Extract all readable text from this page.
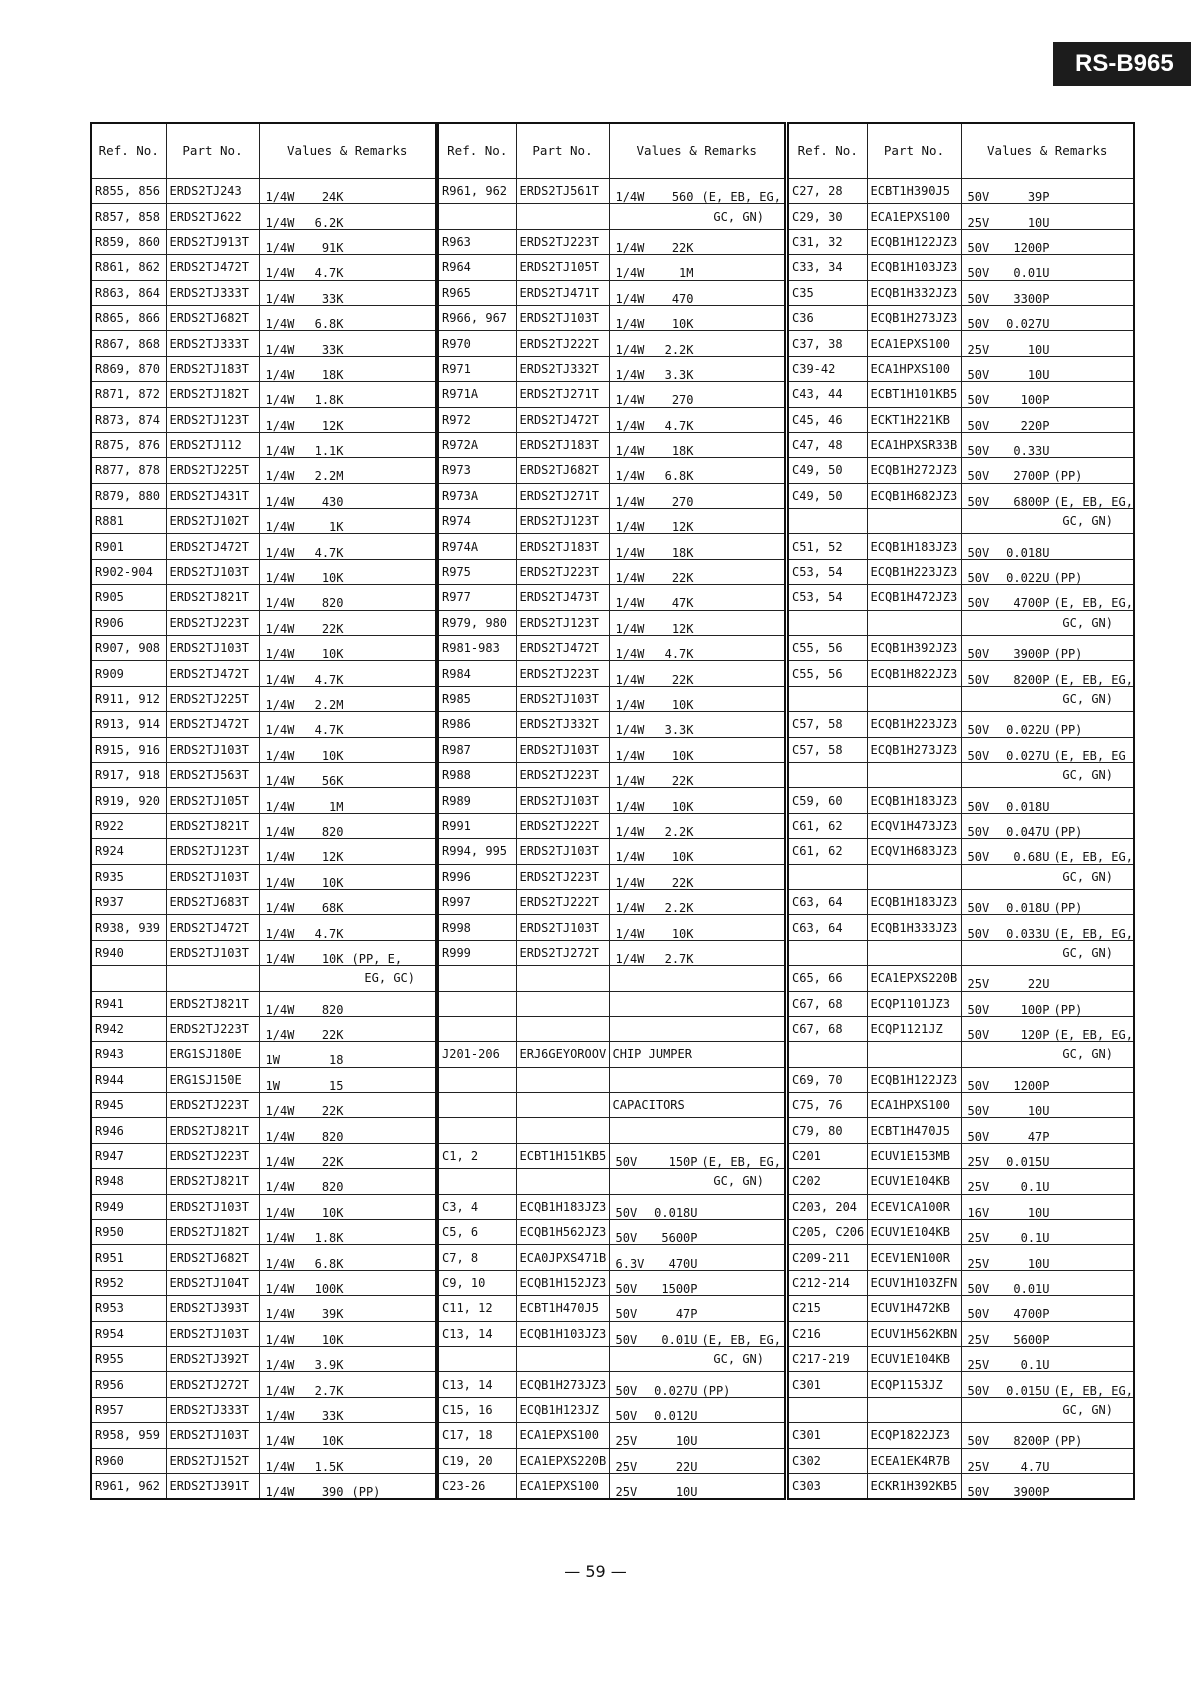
RS-B965
Ref. No.	Part No.	Values & Remarks
R855, 856	ERDS2TJ243	1/4W 24K

R857, 858	ERDS2TJ622	1/4W 6.2K

R859, 860	ERDS2TJ913T	1/4W 91K

R861, 862	ERDS2TJ472T	1/4W 4.7K

R863, 864	ERDS2TJ333T	1/4W 33K

R865, 866	ERDS2TJ682T	1/4W 6.8K

R867, 868	ERDS2TJ333T	1/4W 33K

R869, 870	ERDS2TJ183T	1/4W 18K

R871, 872	ERDS2TJ182T	1/4W 1.8K

R873, 874	ERDS2TJ123T	1/4W 12K

R875, 876	ERDS2TJ112	1/4W 1.1K

R877, 878	ERDS2TJ225T	1/4W 2.2M

R879, 880	ERDS2TJ431T	1/4W 430

R881	ERDS2TJ102T	1/4W 1K

R901	ERDS2TJ472T	1/4W 4.7K

R902-904	ERDS2TJ103T	1/4W 10K

R905	ERDS2TJ821T	1/4W 820

R906	ERDS2TJ223T	1/4W 22K

R907, 908	ERDS2TJ103T	1/4W 10K

R909	ERDS2TJ472T	1/4W 4.7K

R911, 912	ERDS2TJ225T	1/4W 2.2M

R913, 914	ERDS2TJ472T	1/4W 4.7K

R915, 916	ERDS2TJ103T	1/4W 10K

R917, 918	ERDS2TJ563T	1/4W 56K

R919, 920	ERDS2TJ105T	1/4W 1M

R922	ERDS2TJ821T	1/4W 820

R924	ERDS2TJ123T	1/4W 12K

R935	ERDS2TJ103T	1/4W 10K

R937	ERDS2TJ683T	1/4W 68K

R938, 939	ERDS2TJ472T	1/4W 4.7K

R940	ERDS2TJ103T	1/4W 10K (PP, E,

		EG, GC)
R941	ERDS2TJ821T	1/4W 820

R942	ERDS2TJ223T	1/4W 22K

R943	ERG1SJ180E	1W 18

R944	ERG1SJ150E	1W 15

R945	ERDS2TJ223T	1/4W 22K

R946	ERDS2TJ821T	1/4W 820

R947	ERDS2TJ223T	1/4W 22K

R948	ERDS2TJ821T	1/4W 820

R949	ERDS2TJ103T	1/4W 10K

R950	ERDS2TJ182T	1/4W 1.8K

R951	ERDS2TJ682T	1/4W 6.8K

R952	ERDS2TJ104T	1/4W 100K

R953	ERDS2TJ393T	1/4W 39K

R954	ERDS2TJ103T	1/4W 10K

R955	ERDS2TJ392T	1/4W 3.9K

R956	ERDS2TJ272T	1/4W 2.7K

R957	ERDS2TJ333T	1/4W 33K

R958, 959	ERDS2TJ103T	1/4W 10K

R960	ERDS2TJ152T	1/4W 1.5K

R961, 962	ERDS2TJ391T	1/4W 390 (PP)
Ref. No.	Part No.	Values & Remarks
R961, 962	ERDS2TJ561T	1/4W 560 (E, EB, EG,

		GC, GN)
R963	ERDS2TJ223T	1/4W 22K

R964	ERDS2TJ105T	1/4W 1M

R965	ERDS2TJ471T	1/4W 470

R966, 967	ERDS2TJ103T	1/4W 10K

R970	ERDS2TJ222T	1/4W 2.2K

R971	ERDS2TJ332T	1/4W 3.3K

R971A	ERDS2TJ271T	1/4W 270

R972	ERDS2TJ472T	1/4W 4.7K

R972A	ERDS2TJ183T	1/4W 18K

R973	ERDS2TJ682T	1/4W 6.8K

R973A	ERDS2TJ271T	1/4W 270

R974	ERDS2TJ123T	1/4W 12K

R974A	ERDS2TJ183T	1/4W 18K

R975	ERDS2TJ223T	1/4W 22K

R977	ERDS2TJ473T	1/4W 47K

R979, 980	ERDS2TJ123T	1/4W 12K

R981-983	ERDS2TJ472T	1/4W 4.7K

R984	ERDS2TJ223T	1/4W 22K

R985	ERDS2TJ103T	1/4W 10K

R986	ERDS2TJ332T	1/4W 3.3K

R987	ERDS2TJ103T	1/4W 10K

R988	ERDS2TJ223T	1/4W 22K

R989	ERDS2TJ103T	1/4W 10K

R991	ERDS2TJ222T	1/4W 2.2K

R994, 995	ERDS2TJ103T	1/4W 10K

R996	ERDS2TJ223T	1/4W 22K

R997	ERDS2TJ222T	1/4W 2.2K

R998	ERDS2TJ103T	1/4W 10K

R999	ERDS2TJ272T	1/4W 2.7K

J201-206	ERJ6GEYOROOV	CHIP JUMPER

		CAPACITORS

C1, 2	ECBT1H151KB5	50V 150P (E, EB, EG,

		GC, GN)
C3, 4	ECQB1H183JZ3	50V 0.018U

C5, 6	ECQB1H562JZ3	50V 5600P

C7, 8	ECA0JPXS471B	6.3V 470U

C9, 10	ECQB1H152JZ3	50V 1500P

C11, 12	ECBT1H470J5	50V 47P

C13, 14	ECQB1H103JZ3	50V 0.01U (E, EB, EG,

		GC, GN)
C13, 14	ECQB1H273JZ3	50V 0.027U (PP)

C15, 16	ECQB1H123JZ	50V 0.012U

C17, 18	ECA1EPXS100	25V 10U

C19, 20	ECA1EPXS220B	25V 22U

C23-26	ECA1EPXS100	25V 10U
Ref. No.	Part No.	Values & Remarks
C27, 28	ECBT1H390J5	50V 39P

C29, 30	ECA1EPXS100	25V 10U

C31, 32	ECQB1H122JZ3	50V 1200P

C33, 34	ECQB1H103JZ3	50V 0.01U

C35	ECQB1H332JZ3	50V 3300P

C36	ECQB1H273JZ3	50V 0.027U

C37, 38	ECA1EPXS100	25V 10U

C39-42	ECA1HPXS100	50V 10U

C43, 44	ECBT1H101KB5	50V 100P

C45, 46	ECKT1H221KB	50V 220P

C47, 48	ECA1HPXSR33B	50V 0.33U

C49, 50	ECQB1H272JZ3	50V 2700P (PP)

C49, 50	ECQB1H682JZ3	50V 6800P (E, EB, EG,

		GC, GN)
C51, 52	ECQB1H183JZ3	50V 0.018U

C53, 54	ECQB1H223JZ3	50V 0.022U (PP)

C53, 54	ECQB1H472JZ3	50V 4700P (E, EB, EG,

		GC, GN)
C55, 56	ECQB1H392JZ3	50V 3900P (PP)

C55, 56	ECQB1H822JZ3	50V 8200P (E, EB, EG,

		GC, GN)
C57, 58	ECQB1H223JZ3	50V 0.022U (PP)

C57, 58	ECQB1H273JZ3	50V 0.027U (E, EB, EG

		GC, GN)
C59, 60	ECQB1H183JZ3	50V 0.018U

C61, 62	ECQV1H473JZ3	50V 0.047U (PP)

C61, 62	ECQV1H683JZ3	50V 0.68U (E, EB, EG,

		GC, GN)
C63, 64	ECQB1H183JZ3	50V 0.018U (PP)

C63, 64	ECQB1H333JZ3	50V 0.033U (E, EB, EG,

		GC, GN)
C65, 66	ECA1EPXS220B	25V 22U

C67, 68	ECQP1101JZ3	50V 100P (PP)

C67, 68	ECQP1121JZ	50V 120P (E, EB, EG,

		GC, GN)
C69, 70	ECQB1H122JZ3	50V 1200P

C75, 76	ECA1HPXS100	50V 10U

C79, 80	ECBT1H470J5	50V 47P

C201	ECUV1E153MB	25V 0.015U

C202	ECUV1E104KB	25V 0.1U

C203, 204	ECEV1CA100R	16V 10U

C205, C206	ECUV1E104KB	25V 0.1U

C209-211	ECEV1EN100R	25V 10U

C212-214	ECUV1H103ZFN	50V 0.01U

C215	ECUV1H472KB	50V 4700P

C216	ECUV1H562KBN	25V 5600P

C217-219	ECUV1E104KB	25V 0.1U

C301	ECQP1153JZ	50V 0.015U (E, EB, EG,

		GC, GN)
C301	ECQP1822JZ3	50V 8200P (PP)

C302	ECEA1EK4R7B	25V 4.7U

C303	ECKR1H392KB5	50V 3900P
— 59 —
